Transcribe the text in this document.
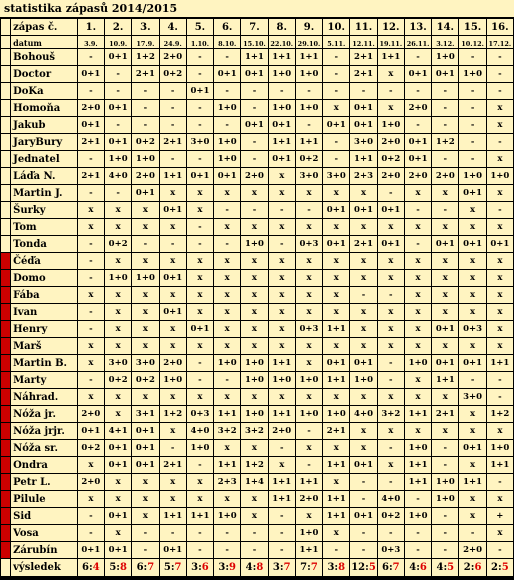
statistika zápasů 2014/2015
	zápas č.	1.	2.	3.	4.	5.	6.	7.	8.	9.	10.	11.	12.	13.	14.	15.	16.
	datum	3.9.	10.9.	17.9.	24.9.	1.10.	8.10.	15.10.	22.10.	29.10.	5.11.	12.11.	19.11.	26.11.	3.12.	10.12.	17.12.
	Bohouš	-	0+1	1+2	2+0	-	-	1+1	1+1	1+1	-	2+1	1+1	-	1+0	-	-
	Doctor	0+1	-	2+1	0+2	-	0+1	0+1	1+0	1+0	-	2+1	x	0+1	0+1	1+0	-
	DoKa	-	-	-	-	0+1	-	-	-	-	-	-	-	-	-	-	-
	Homoňa	2+0	0+1	-	-	-	1+0	-	1+0	1+0	x	0+1	x	2+0	-	-	x
	Jakub	0+1	-	-	-	-	-	0+1	0+1	-	0+1	0+1	1+0	-	-	-	x
	JaryBury	2+1	0+1	0+2	2+1	3+0	1+0	-	1+1	1+1	-	3+0	2+0	0+1	1+2	-	-
	Jednatel	-	1+0	1+0	-	-	1+0	-	0+1	0+2	-	1+1	0+2	0+1	-	-	x
	Láďa N.	2+1	4+0	2+0	1+1	0+1	0+1	2+0	x	3+0	3+0	2+3	2+0	2+0	2+0	1+0	1+0
	Martin J.	-	-	0+1	x	x	x	x	x	x	x	x	-	x	x	0+1	x
	Šurky	x	x	x	0+1	x	-	-	-	-	0+1	0+1	0+1	-	-	x	-
	Tom	x	x	x	x	-	x	x	x	x	x	x	x	x	x	x	x
	Tonda	-	0+2	-	-	-	-	1+0	-	0+3	0+1	2+1	0+1	-	0+1	0+1	0+1
	Čéďa	-	x	x	x	x	x	x	x	x	x	x	x	x	x	x	x
	Domo	-	1+0	1+0	0+1	x	x	x	x	x	x	x	x	x	x	x	x
	Fába	x	x	x	x	x	x	x	x	x	x	-	-	x	x	x	x
	Ivan	-	x	x	0+1	x	x	x	x	x	x	x	x	x	x	x	x
	Henry	-	x	x	x	0+1	x	x	x	0+3	1+1	x	x	x	0+1	0+3	x
	Marš	x	x	x	x	x	x	x	x	x	x	x	x	x	x	x	x
	Martin B.	x	3+0	3+0	2+0	-	1+0	1+0	1+1	x	0+1	0+1	-	1+0	0+1	0+1	1+1
	Marty	-	0+2	0+2	1+0	-	-	1+0	1+0	1+0	1+1	1+0	-	x	1+1	-	-
	Náhrad.	x	x	x	x	x	x	x	x	x	x	x	x	x	x	3+0	-
	Nóža jr.	2+0	x	3+1	1+2	0+3	1+1	1+0	1+1	1+0	1+0	4+0	3+2	1+1	2+1	x	1+2
	Nóža jrjr.	0+1	4+1	0+1	x	4+0	3+2	3+2	2+0	-	2+1	x	x	x	x	x	x
	Nóža sr.	0+2	0+1	0+1	-	1+0	x	x	-	x	x	x	-	1+0	-	0+1	1+0
	Ondra	x	0+1	0+1	2+1	-	1+1	1+2	x	-	1+1	0+1	x	1+1	-	x	1+1
	Petr L.	2+0	x	x	x	x	2+3	1+4	1+1	1+1	x	-	-	1+1	1+0	1+1	-
	Pilule	x	x	x	x	x	x	x	1+1	2+0	1+1	-	4+0	-	1+0	x	x
	Sid	-	0+1	x	1+1	1+1	1+0	x	-	x	1+1	0+1	0+2	1+0	-	x	+
	Vosa	-	x	-	-	-	-	-	-	1+0	x	-	-	-	-	-	x
	Zárubín	0+1	0+1	-	0+1	-	-	-	-	1+1	-	-	0+3	-	-	2+0	-
	výsledek	6:4	5:8	6:7	5:7	3:6	3:9	4:8	3:7	7:7	3:8	12:5	6:7	4:6	4:5	2:6	2:5
